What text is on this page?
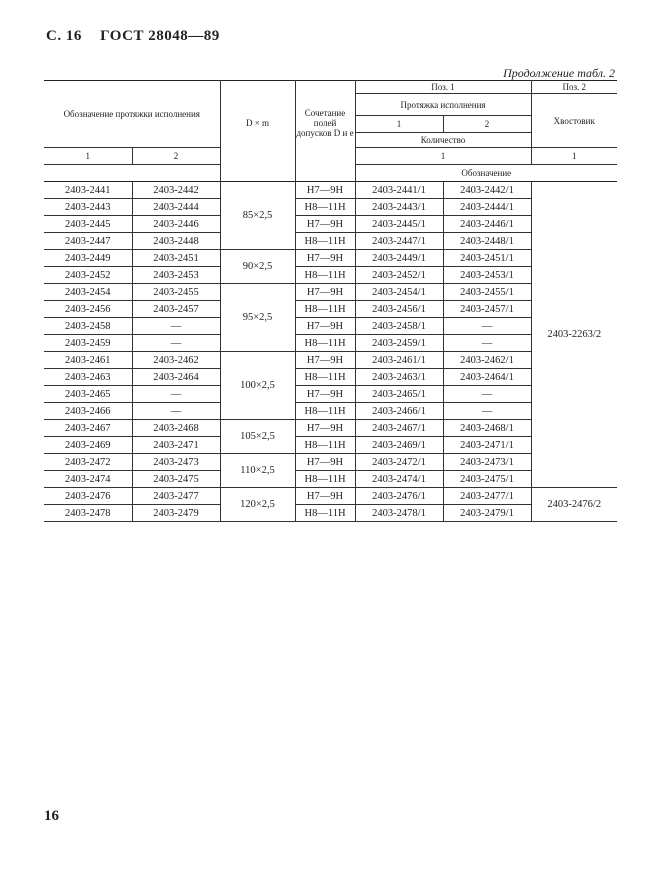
С. 16 ГОСТ 28048—89
Продолжение табл. 2
Обозначение протяжки исполнения		D × m	Сочетание полей допусков D и e	Поз. 1		Поз. 2
				Протяжка исполнения		Хвостовик
				1	2	
				Количество		
1	2			1		1
				Обозначение		
2403-2441	2403-2442	85×2,5	H7—9H	2403-2441/1	2403-2442/1	2403-2263/2
2403-2443	2403-2444		H8—11H	2403-2443/1	2403-2444/1	
2403-2445	2403-2446		H7—9H	2403-2445/1	2403-2446/1	
2403-2447	2403-2448		H8—11H	2403-2447/1	2403-2448/1	
2403-2449	2403-2451	90×2,5	H7—9H	2403-2449/1	2403-2451/1	
2403-2452	2403-2453		H8—11H	2403-2452/1	2403-2453/1	
2403-2454	2403-2455	95×2,5	H7—9H	2403-2454/1	2403-2455/1	
2403-2456	2403-2457		H8—11H	2403-2456/1	2403-2457/1	
2403-2458	—		H7—9H	2403-2458/1	—	
2403-2459	—		H8—11H	2403-2459/1	—	
2403-2461	2403-2462	100×2,5	H7—9H	2403-2461/1	2403-2462/1	
2403-2463	2403-2464		H8—11H	2403-2463/1	2403-2464/1	
2403-2465	—		H7—9H	2403-2465/1	—	
2403-2466	—		H8—11H	2403-2466/1	—	
2403-2467	2403-2468	105×2,5	H7—9H	2403-2467/1	2403-2468/1	
2403-2469	2403-2471		H8—11H	2403-2469/1	2403-2471/1	
2403-2472	2403-2473	110×2,5	H7—9H	2403-2472/1	2403-2473/1	
2403-2474	2403-2475		H8—11H	2403-2474/1	2403-2475/1	
2403-2476	2403-2477	120×2,5	H7—9H	2403-2476/1	2403-2477/1	2403-2476/2
2403-2478	2403-2479		H8—11H	2403-2478/1	2403-2479/1	
16
